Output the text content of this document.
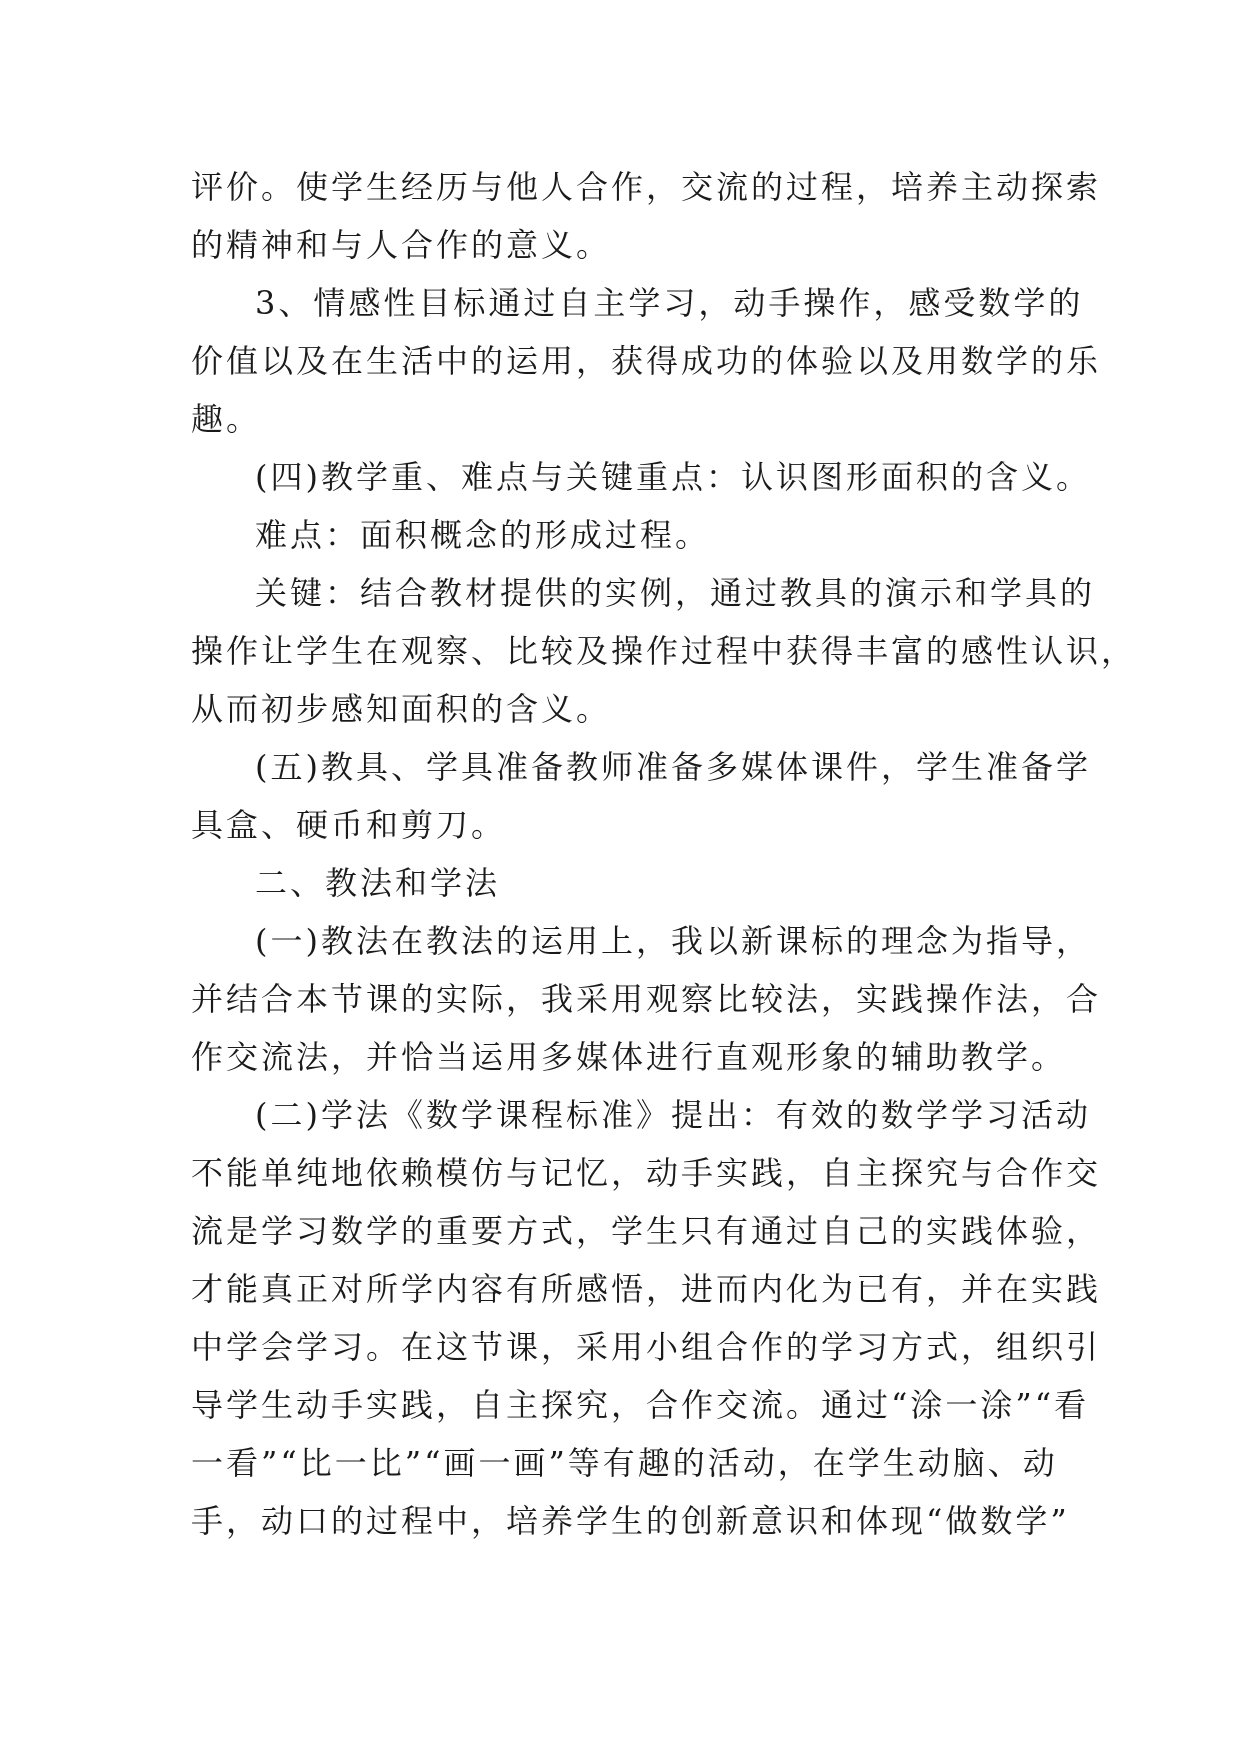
评价。使学生经历与他人合作，交流的过程，培养主动探索
的精神和与人合作的意义。
3、情感性目标通过自主学习，动手操作，感受数学的
价值以及在生活中的运用，获得成功的体验以及用数学的乐
趣。
(四)教学重、难点与关键重点：认识图形面积的含义。
难点：面积概念的形成过程。
关键：结合教材提供的实例，通过教具的演示和学具的
操作让学生在观察、比较及操作过程中获得丰富的感性认识，
从而初步感知面积的含义。
(五)教具、学具准备教师准备多媒体课件，学生准备学
具盒、硬币和剪刀。
二、教法和学法
(一)教法在教法的运用上，我以新课标的理念为指导，
并结合本节课的实际，我采用观察比较法，实践操作法，合
作交流法，并恰当运用多媒体进行直观形象的辅助教学。
(二)学法《数学课程标准》提出：有效的数学学习活动
不能单纯地依赖模仿与记忆，动手实践，自主探究与合作交
流是学习数学的重要方式，学生只有通过自己的实践体验，
才能真正对所学内容有所感悟，进而内化为已有，并在实践
中学会学习。在这节课，采用小组合作的学习方式，组织引
导学生动手实践，自主探究，合作交流。通过“涂一涂”“看
一看”“比一比”“画一画”等有趣的活动，在学生动脑、动
手，动口的过程中，培养学生的创新意识和体现“做数学”
